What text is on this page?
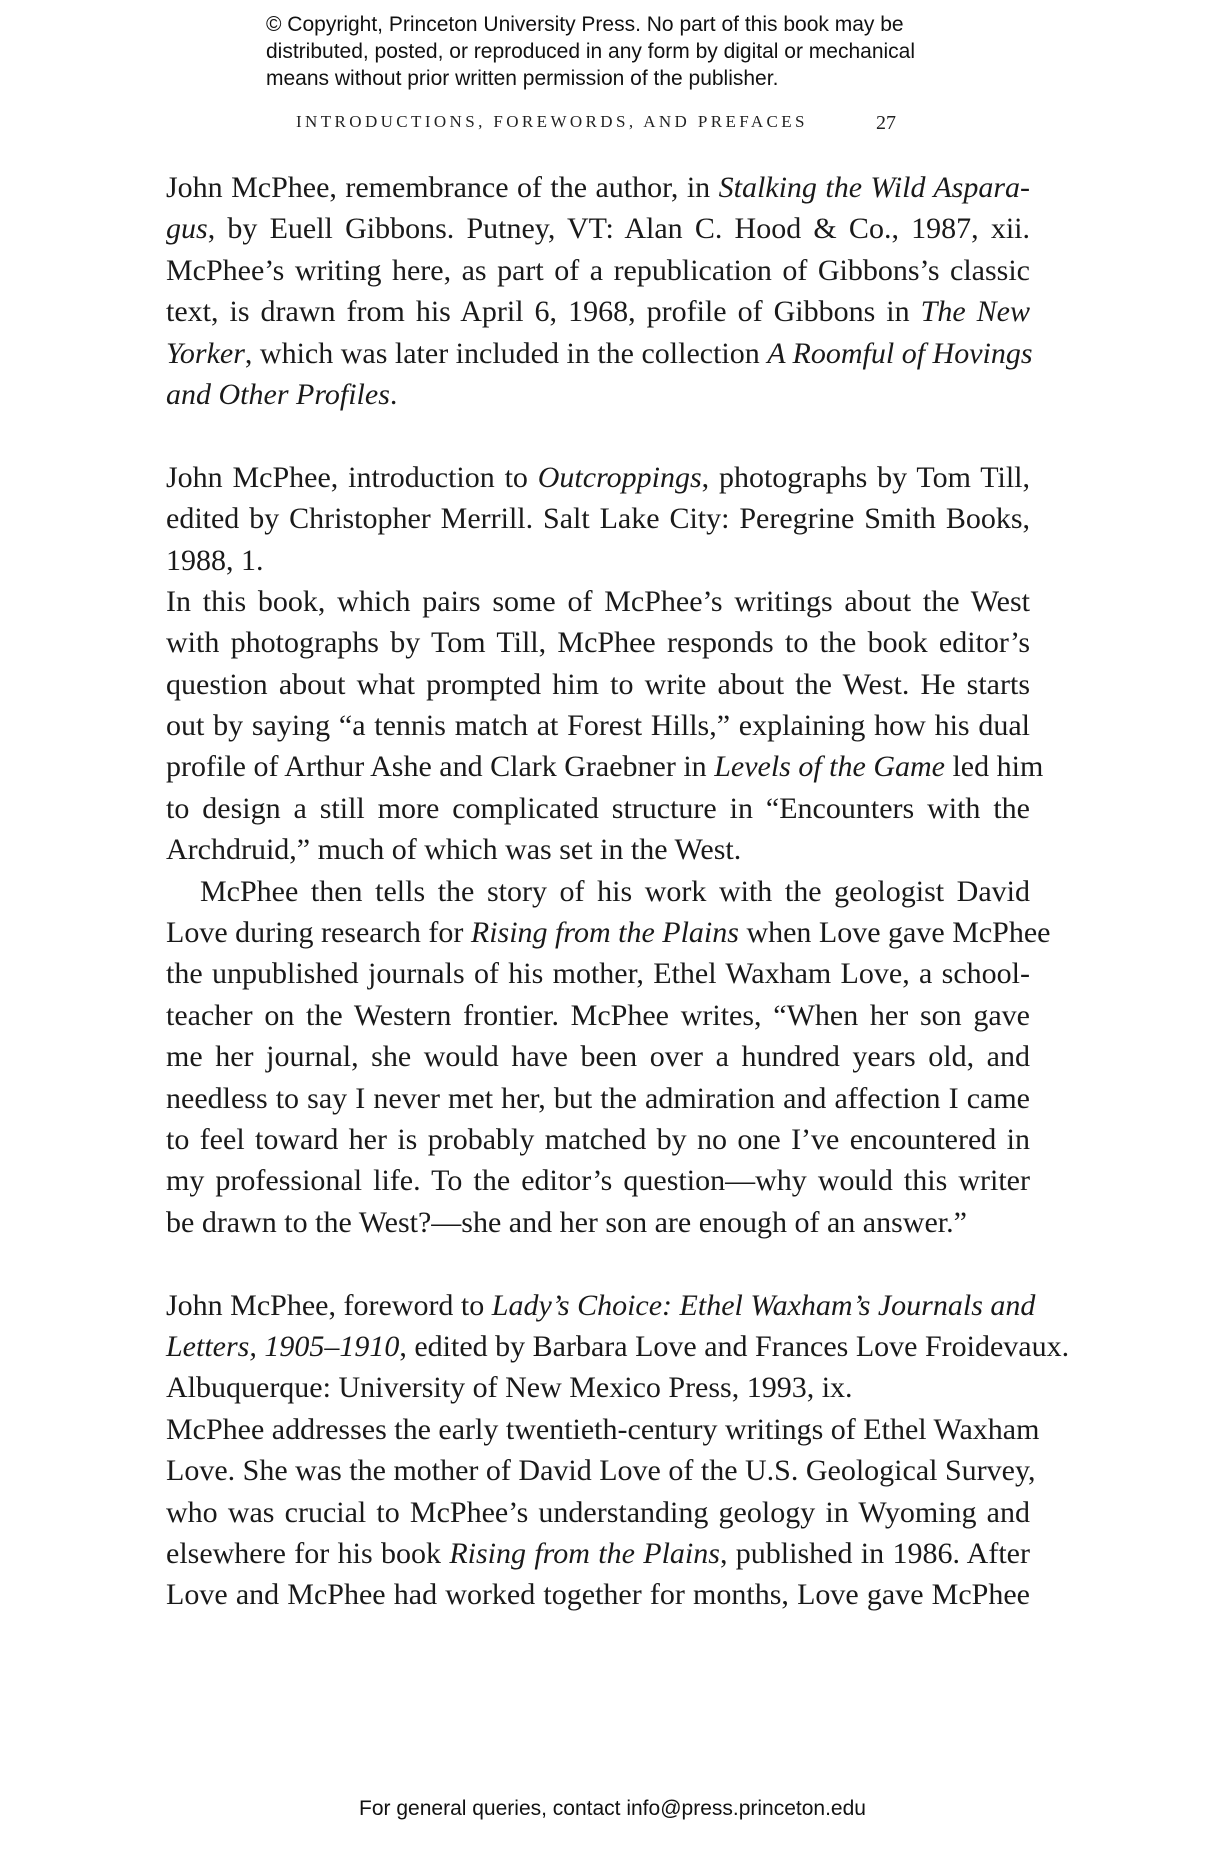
© Copyright, Princeton University Press. No part of this book may be
distributed, posted, or reproduced in any form by digital or mechanical
means without prior written permission of the publisher.
INTRODUCTIONS, FOREWORDS, AND PREFACES	27
John McPhee, remembrance of the author, in Stalking the Wild Aspara-
gus, by Euell Gibbons. Putney, VT: Alan C. Hood & Co., 1987, xii.
McPhee’s writing here, as part of a republication of Gibbons’s classic
text, is drawn from his April 6, 1968, profile of Gibbons in The New
Yorker, which was later included in the collection A Roomful of Hovings
and Other Profiles.
John McPhee, introduction to Outcroppings, photographs by Tom Till,
edited by Christopher Merrill. Salt Lake City: Peregrine Smith Books,
1988, 1.
In this book, which pairs some of McPhee’s writings about the West
with photographs by Tom Till, McPhee responds to the book editor’s
question about what prompted him to write about the West. He starts
out by saying “a tennis match at Forest Hills,” explaining how his dual
profile of Arthur Ashe and Clark Graebner in Levels of the Game led him
to design a still more complicated structure in “Encounters with the
Archdruid,” much of which was set in the West.
McPhee then tells the story of his work with the geologist David
Love during research for Rising from the Plains when Love gave McPhee
the unpublished journals of his mother, Ethel Waxham Love, a school-
teacher on the Western frontier. McPhee writes, “When her son gave
me her journal, she would have been over a hundred years old, and
needless to say I never met her, but the admiration and affection I came
to feel toward her is probably matched by no one I’ve encountered in
my professional life. To the editor’s question—why would this writer
be drawn to the West?—she and her son are enough of an answer.”
John McPhee, foreword to Lady’s Choice: Ethel Waxham’s Journals and
Letters, 1905–1910, edited by Barbara Love and Frances Love Froidevaux.
Albuquerque: University of New Mexico Press, 1993, ix.
McPhee addresses the early twentieth-century writings of Ethel Waxham
Love. She was the mother of David Love of the U.S. Geological Survey,
who was crucial to McPhee’s understanding geology in Wyoming and
elsewhere for his book Rising from the Plains, published in 1986. After
Love and McPhee had worked together for months, Love gave McPhee
For general queries, contact info@press.princeton.edu
